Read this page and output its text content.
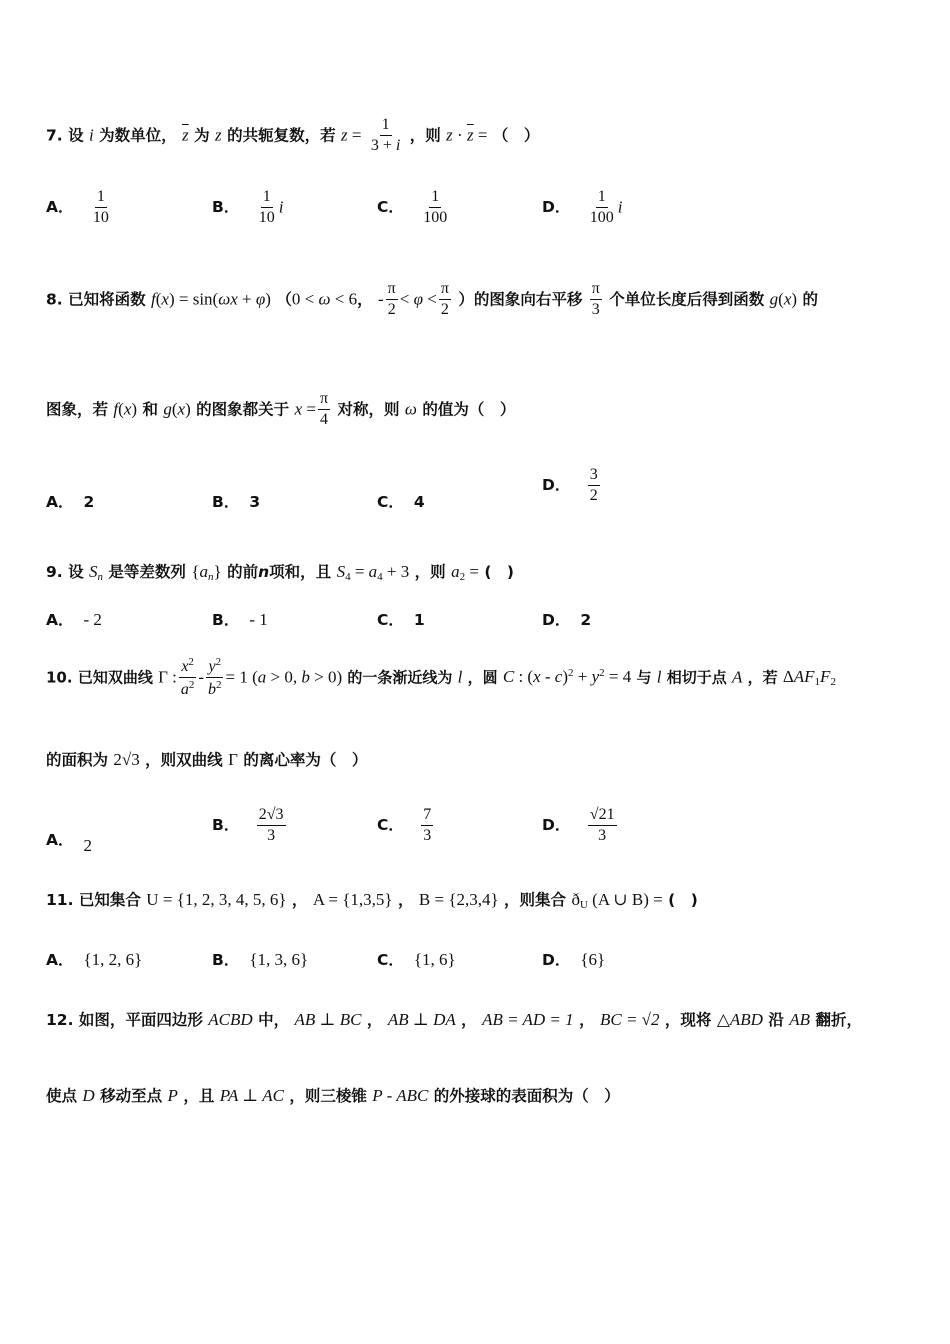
7. 设 i 为数单位， $\overline{z}$ 为 z 的共轭复数，若 $z = \frac{1}{3 + i}$ ，则 $z \cdot \overline{z}$ = （　）
A． $\frac{1}{10}$	B． $\frac{1}{10}$ i	C． $\frac{1}{100}$	D． $\frac{1}{100}$ i
8. 已知将函数 f(x) = sin(ωx + φ) （0 < ω < 6， - $\frac{\pi}{2} < \varphi < \frac{\pi}{2}$ ）的图象向右平移 $\frac{\pi}{3}$ 个单位长度后得到函数 g(x) 的
图象，若 f(x) 和 g(x) 的图象都关于 $x = \frac{\pi}{4}$ 对称，则 ω 的值为（　）
A． 2	B． 3	C． 4
D． $\frac{3}{2}$
9. 设 $S_n$ 是等差数列 $\{a_n\}$ 的前n项和，且 $S_4 = a_4 + 3$ ，则 $a_2$ = (　)
A． - 2	B． - 1	C． 1	D． 2
10. 已知双曲线 Γ : $\frac{x^2}{a^2} - \frac{y^2}{b^2} = 1$ (a > 0, b > 0) 的一条渐近线为 l ，圆 C : $(x - c)^2 + y^2 = 4$ 与 l 相切于点 A ，若 $\Delta AF_1F_2$
的面积为 2√3 ，则双曲线 Γ 的离心率为（　）
A． 2
B． $\frac{2√3}{3}$	C． $\frac{7}{3}$	D． $\frac{√21}{3}$
11. 已知集合 U = {1, 2, 3, 4, 5, 6} ， A = {1,3,5} ， B = {2,3,4} ，则集合 $ð_U$ (A ∪ B) = (　)
A． {1, 2, 6}	B． {1, 3, 6}	C． {1, 6}	D． {6}
12. 如图，平面四边形 ACBD 中， AB ⊥ BC ， AB ⊥ DA ， AB = AD = 1 ， BC = √2 ，现将 △ABD 沿 AB 翻折，
使点 D 移动至点 P ，且 PA ⊥ AC ，则三棱锥 P - ABC 的外接球的表面积为（　）
